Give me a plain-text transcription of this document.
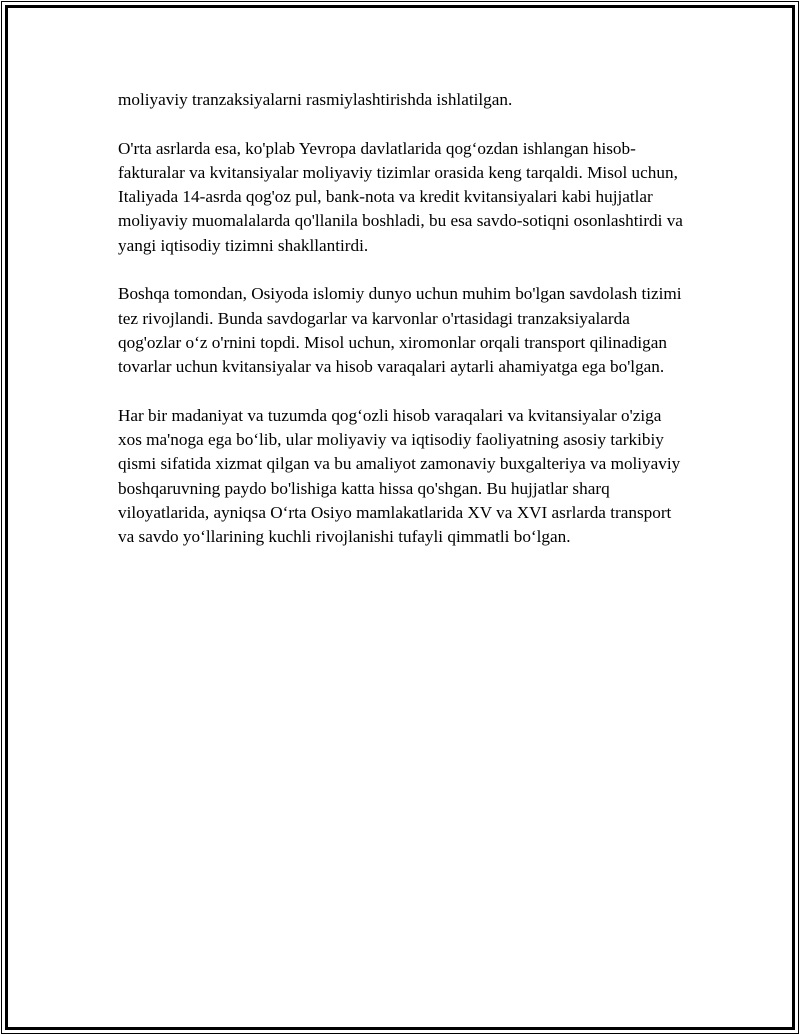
moliyaviy tranzaksiyalarni rasmiylashtirishda ishlatilgan.

O'rta asrlarda esa, ko'plab Yevropa davlatlarida qog‘ozdan ishlangan hisob-fakturalar va kvitansiyalar moliyaviy tizimlar orasida keng tarqaldi. Misol uchun, Italiyada 14-asrda qog'oz pul, bank-nota va kredit kvitansiyalari kabi hujjatlar moliyaviy muomalalarda qo'llanila boshladi, bu esa savdo-sotiqni osonlashtirdi va yangi iqtisodiy tizimni shakllantirdi.

Boshqa tomondan, Osiyoda islomiy dunyo uchun muhim bo'lgan savdolash tizimi tez rivojlandi. Bunda savdogarlar va karvonlar o'rtasidagi tranzaksiyalarda qog'ozlar o‘z o'rnini topdi. Misol uchun, xiromonlar orqali transport qilinadigan tovarlar uchun kvitansiyalar va hisob varaqalari aytarli ahamiyatga ega bo'lgan.

Har bir madaniyat va tuzumda qog‘ozli hisob varaqalari va kvitansiyalar o'ziga xos ma'noga ega bo‘lib, ular moliyaviy va iqtisodiy faoliyatning asosiy tarkibiy qismi sifatida xizmat qilgan va bu amaliyot zamonaviy buxgalteriya va moliyaviy boshqaruvning paydo bo'lishiga katta hissa qo'shgan. Bu hujjatlar sharq viloyatlarida, ayniqsa O‘rta Osiyo mamlakatlarida XV va XVI asrlarda transport va savdo yo‘llarining kuchli rivojlanishi tufayli qimmatli bo‘lgan.
